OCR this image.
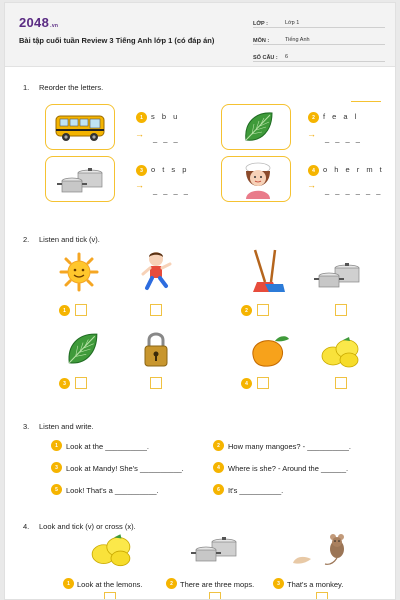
2048.vn
Bài tập cuối tuần Review 3 Tiếng Anh lớp 1 (có đáp án)
LỚP :	Lớp 1
MÔN :	Tiếng Anh
SỐ CÂU :	6
1. Reorder the letters.
1	s b u
→ _ _ _
2	f e a l
→ _ _ _ _
3	o t s p
→
_ _ _ _
4	o h e r m t
→
_ _ _ _ _ _
2. Listen and tick (v).
1	2
3	4
3. Listen and write.
1	Look at the __________.	2	How many mangoes? - __________.
3	Look at Mandy! She's __________.	4	Where is she? - Around the ______.
5	Look! That's a __________.	6	It's __________.
4. Look and tick (v) or cross (x).
1 Look at the lemons.	2 There are three mops.	3 That's a monkey.
